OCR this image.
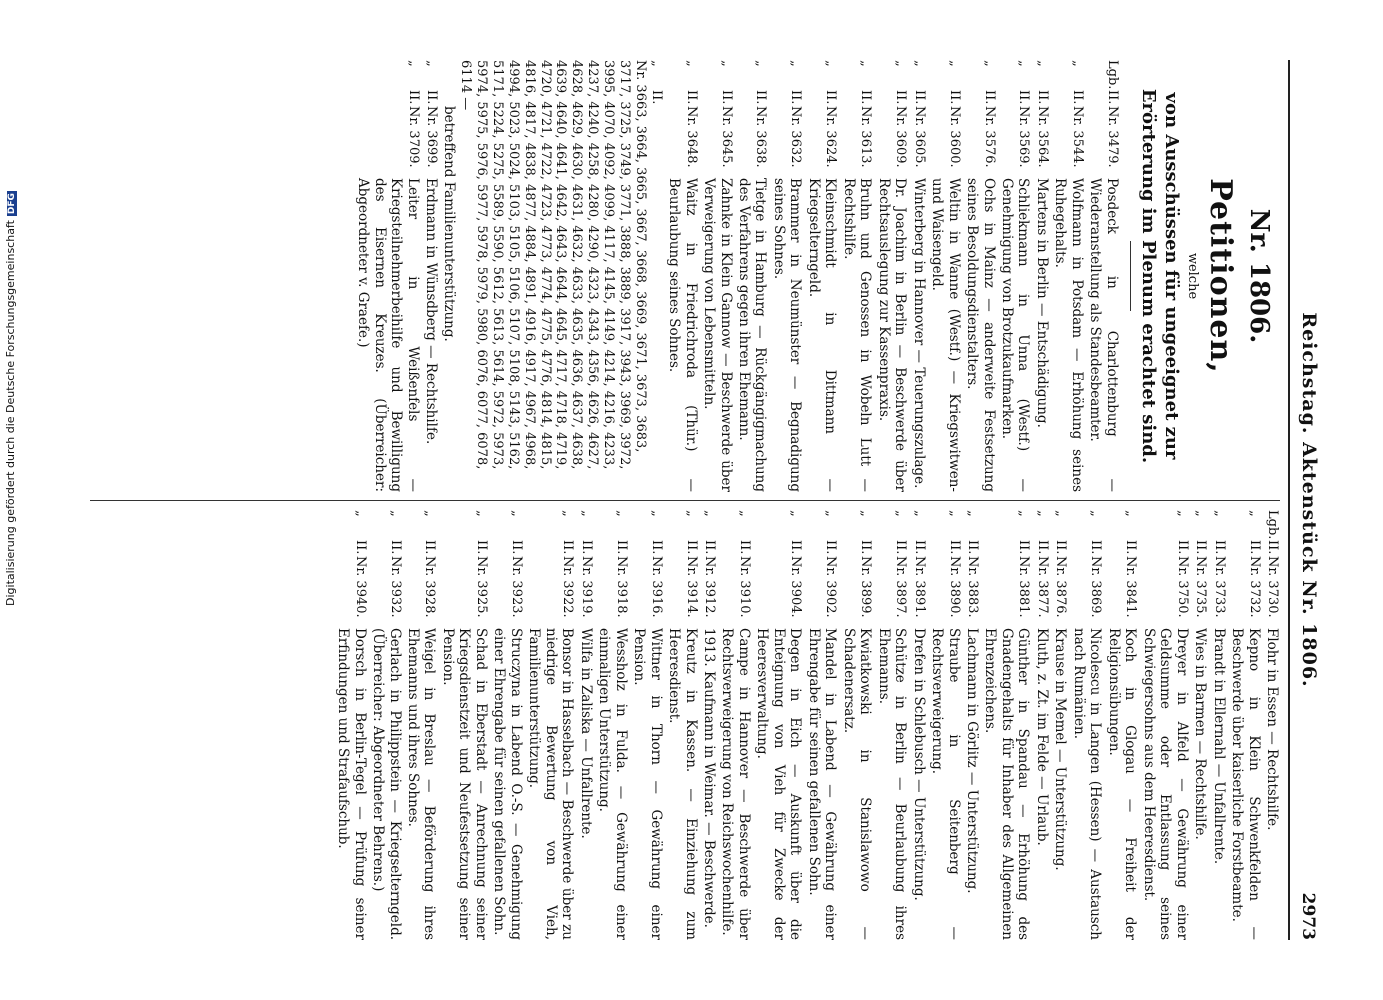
Reichstag. Aktenstück Nr. 1806.
2973
Nr. 1806.
Petitionen,
welche
von Ausschüssen für ungeeignet zur Erörterung im Plenum erachtet sind.
Lgb.II.Nr. 3479.
Posdeck in Charlottenburg — Wiederanstellung als Standesbeamter.
„II.Nr. 3544.
Wolfmann in Potsdam — Erhöhung seines Ruhegehalts.
„II.Nr. 3564.
Martens in Berlin — Entschädigung.
„II.Nr. 3569.
Schliekmann in Unna (Westf.) — Genehmigung von Brotzukaufmarken.
„II.Nr. 3576.
Ochs in Mainz — anderweite Festsetzung seines Besoldungsdienstalters.
„II.Nr. 3600.
Weltin in Wanne (Westf.) — Kriegswitwen- und Waisengeld.
„II.Nr. 3605.
Winterberg in Hannover — Teuerungszulage.
„II.Nr. 3609.
Dr. Joachim in Berlin — Beschwerde über Rechtsauslegung zur Kassenpraxis.
„II.Nr. 3613.
Bruhn und Genossen in Wobeln Lutt — Rechtshilfe.
„II.Nr. 3624.
Kleinschmidt in Dittmann — Kriegselterngeld.
„II.Nr. 3632.
Brammer in Neumünster — Begnadigung seines Sohnes.
„II.Nr. 3638.
Tietge in Hamburg — Rückgängigmachung des Verfahrens gegen ihren Ehemann.
„II.Nr. 3645.
Zahnke in Klein Gannow — Beschwerde über Verweigerung von Lebensmitteln.
„II.Nr. 3648.
Waitz in Friedrichroda (Thür.) — Beurlaubung seines Sohnes.
„II.Nr. 3663, 3664, 3665, 3667, 3668, 3669, 3671, 3673, 3683, 3717, 3725, 3749, 3771, 3888, 3889, 3917, 3943, 3969, 3972, 3995, 4070, 4092, 4099, 4117, 4145, 4149, 4214, 4216, 4233, 4237, 4240, 4258, 4280, 4290, 4323, 4343, 4356, 4626, 4627, 4628, 4629, 4630, 4631, 4632, 4633, 4635, 4636, 4637, 4638, 4639, 4640, 4641, 4642, 4643, 4644, 4645, 4717, 4718, 4719, 4720, 4721, 4722, 4723, 4773, 4774, 4775, 4776, 4814, 4815, 4816, 4817, 4838, 4877, 4884, 4891, 4916, 4917, 4967, 4968, 4994, 5023, 5024, 5103, 5105, 5106, 5107, 5108, 5143, 5162, 5171, 5224, 5275, 5589, 5590, 5612, 5613, 5614, 5972, 5973, 5974, 5975, 5976, 5977, 5978, 5979, 5980, 6076, 6077, 6078, 6114 —
betreffend Familienunterstützung.
„II.Nr. 3699.
Erdmann in Wünsdberg — Rechtshilfe.
„II.Nr. 3709.
Leiter in Weißenfels — Kriegsteilnehmerbeihilfe und Bewilligung des Eisernen Kreuzes. (Überreicher: Abgeordneter v. Graefe.)
Lgb.II.Nr. 3730.
Flohr in Essen — Rechtshilfe.
„II.Nr. 3732.
Kepno in Klein Schwenkfelden — Beschwerde über kaiserliche Forstbeamte.
„II.Nr. 3733.
Brandt in Ellernahl — Unfallrente.
„II.Nr. 3735.
Wies in Barmen — Rechtshilfe.
„II.Nr. 3750.
Dreyer in Alfeld — Gewährung einer Geldsumme oder Entlassung seines Schwiegersohns aus dem Heeresdienst.
„II.Nr. 3841.
Koch in Glogau — Freiheit der Religionsübungen.
„II.Nr. 3869.
Nicolescu in Langen (Hessen) — Austausch nach Rumänien.
„II.Nr. 3876.
Krause in Memel — Unterstützung.
„II.Nr. 3877.
Kluth, z. Zt. im Felde — Urlaub.
„II.Nr. 3881.
Günther in Spandau — Erhöhung des Gnadengehalts für Inhaber des Allgemeinen Ehrenzeichens.
„II.Nr. 3883.
Lachmann in Görlitz — Unterstützung.
„II.Nr. 3890.
Straube in Seitenberg — Rechtsverweigerung.
„II.Nr. 3891.
Drefen in Schlebusch — Unterstützung.
„II.Nr. 3897.
Schütze in Berlin — Beurlaubung ihres Ehemanns.
„II.Nr. 3899.
Kwiatkowski in Stanislawowo — Schadenersatz.
„II.Nr. 3902.
Mandel in Labend — Gewährung einer Ehrengabe für seinen gefallenen Sohn.
„II.Nr. 3904.
Degen in Eich — Auskunft über die Enteignung von Vieh für Zwecke der Heeresverwaltung.
„II.Nr. 3910.
Campe in Hannover — Beschwerde über Rechtsverweigerung von Reichswochenhilfe.
„II.Nr. 3912.
1913. Kaufmann in Weimar. — Beschwerde.
„II.Nr. 3914.
Kreutz in Kassen. — Einziehung zum Heeresdienst.
„II.Nr. 3916.
Wittner in Thorn — Gewährung einer Pension.
„II.Nr. 3918.
Wessholz in Fulda. — Gewährung einer einmaligen Unterstützung.
„II.Nr. 3919.
Wilfa in Zaliska — Unfallrente.
„II.Nr. 3922.
Bonsor in Hasselbach — Beschwerde über zu niedrige Bewertung von Vieh, Familienunterstützung.
„II.Nr. 3923.
Struczyna in Labend O.-S. — Genehmigung einer Ehrengabe für seinen gefallenen Sohn.
„II.Nr. 3925.
Schad in Eberstadt — Anrechnung seiner Kriegsdienstzeit und Neufestsetzung seiner Pension.
„II.Nr. 3928.
Weigel in Breslau — Beförderung ihres Ehemanns und ihres Sohnes.
„II.Nr. 3932.
Gerlach in Philippstein — Kriegselterngeld. (Überreicher: Abgeordneter Behrens.)
„II.Nr. 3940.
Dorsch in Berlin-Tegel — Prüfung seiner Erfindungen und Strafaufschub.
Digitalisierung gefördert durch die Deutsche ForschungsgemeinschaftDFG
